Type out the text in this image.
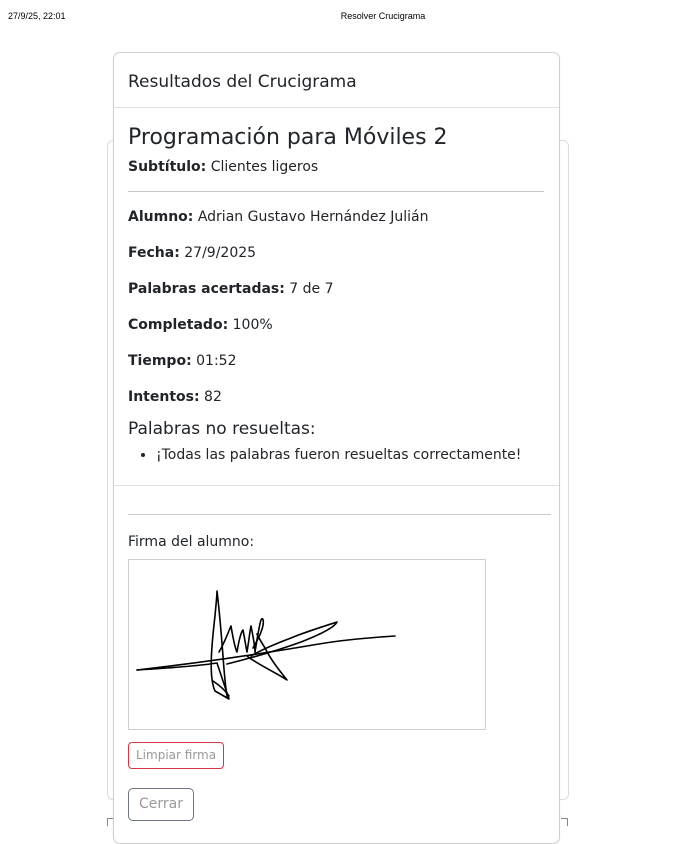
27/9/25, 22:01	Resolver Crucigrama
Resultados del Crucigrama
Programación para Móviles 2

Subtítulo: Clientes ligeros

Alumno: Adrian Gustavo Hernández Julián

Fecha: 27/9/2025

Palabras acertadas: 7 de 7

Completado: 100%

Tiempo: 01:52

Intentos: 82

Palabras no resueltas:
• ¡Todas las palabras fueron resueltas correctamente!
Firma del alumno:
Limpiar firma
Cerrar
